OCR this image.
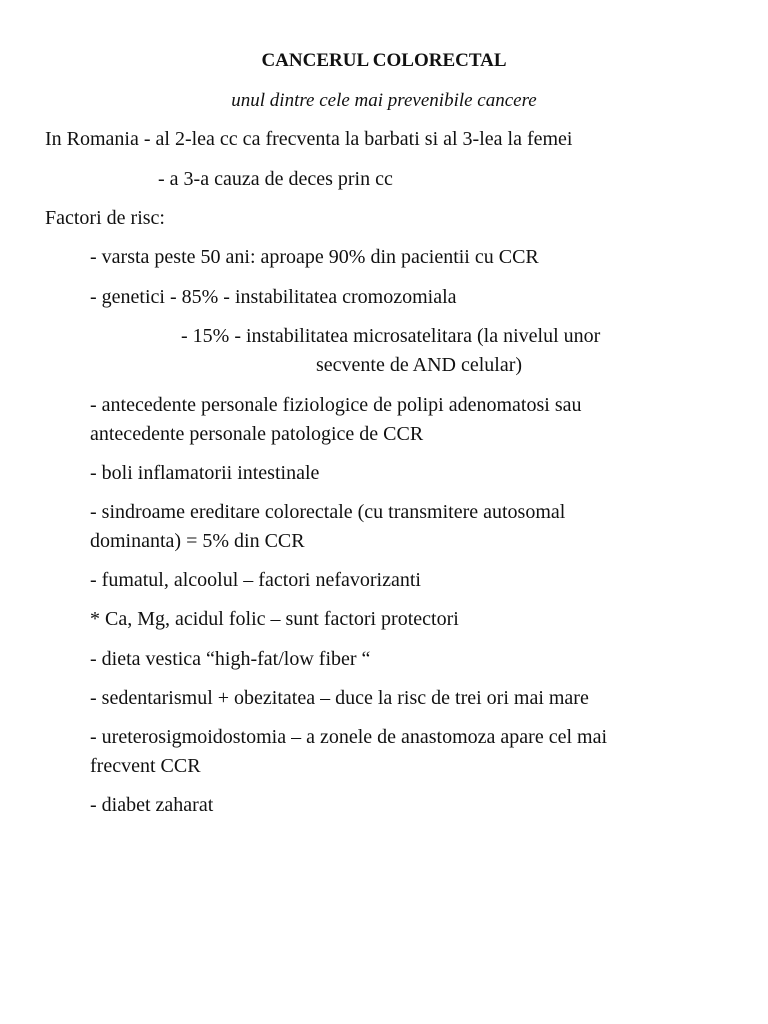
CANCERUL COLORECTAL
unul dintre cele mai prevenibile cancere
In Romania - al 2-lea cc ca frecventa la barbati si al 3-lea la femei
- a 3-a cauza de deces prin cc
Factori de risc:
- varsta peste 50 ani: aproape 90% din pacientii cu CCR
- genetici - 85% - instabilitatea cromozomiala
- 15% - instabilitatea microsatelitara (la nivelul unor
secvente de AND celular)
- antecedente personale fiziologice de polipi adenomatosi sau
antecedente personale patologice de CCR
- boli inflamatorii intestinale
- sindroame ereditare colorectale (cu transmitere autosomal
dominanta) = 5% din CCR
- fumatul, alcoolul – factori nefavorizanti
* Ca, Mg, acidul folic – sunt factori protectori
- dieta vestica “high-fat/low fiber “
- sedentarismul + obezitatea – duce la risc de trei ori mai mare
- ureterosigmoidostomia – a zonele de anastomoza apare cel mai
frecvent CCR
- diabet zaharat
